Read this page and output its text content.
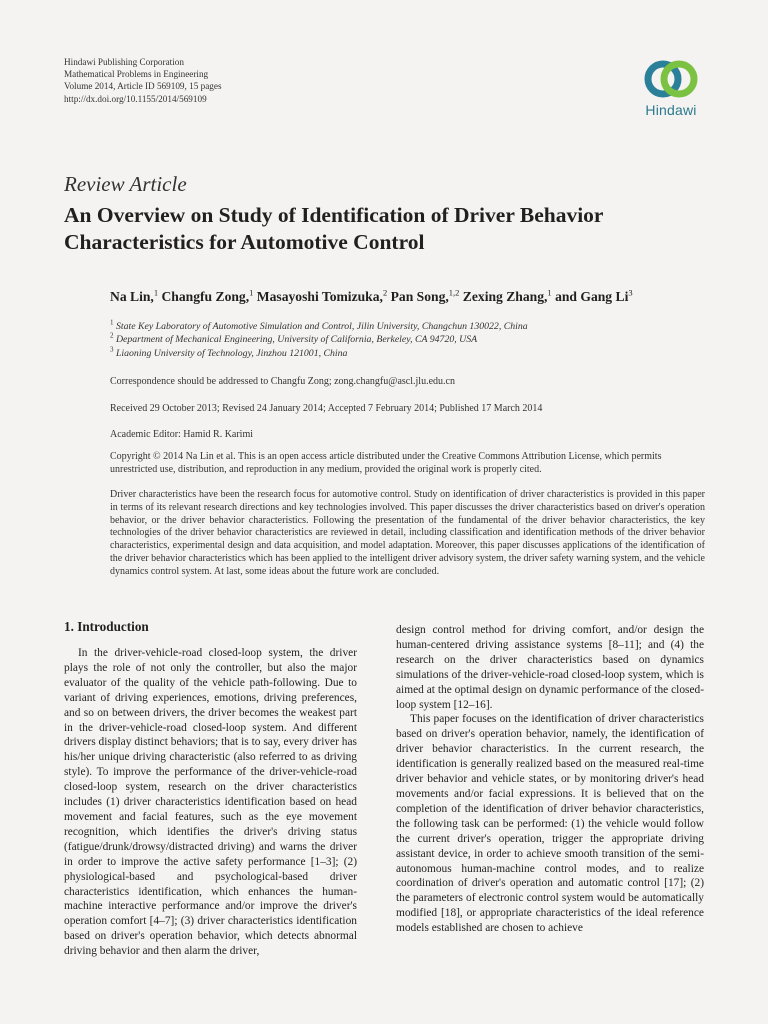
Hindawi Publishing Corporation
Mathematical Problems in Engineering
Volume 2014, Article ID 569109, 15 pages
http://dx.doi.org/10.1155/2014/569109
Hindawi
Review Article
An Overview on Study of Identification of Driver Behavior
Characteristics for Automotive Control
Na Lin,$^1$ Changfu Zong,$^1$ Masayoshi Tomizuka,$^2$ Pan Song,$^{1,2}$ Zexing Zhang,$^1$ and Gang Li$^3$
$^1$ State Key Laboratory of Automotive Simulation and Control, Jilin University, Changchun 130022, China
$^2$ Department of Mechanical Engineering, University of California, Berkeley, CA 94720, USA
$^3$ Liaoning University of Technology, Jinzhou 121001, China
Correspondence should be addressed to Changfu Zong; zong.changfu@ascl.jlu.edu.cn
Received 29 October 2013; Revised 24 January 2014; Accepted 7 February 2014; Published 17 March 2014
Academic Editor: Hamid R. Karimi
Copyright © 2014 Na Lin et al. This is an open access article distributed under the Creative Commons Attribution License, which permits unrestricted use, distribution, and reproduction in any medium, provided the original work is properly cited.
Driver characteristics have been the research focus for automotive control. Study on identification of driver characteristics is provided in this paper in terms of its relevant research directions and key technologies involved. This paper discusses the driver characteristics based on driver's operation behavior, or the driver behavior characteristics. Following the presentation of the fundamental of the driver behavior characteristics, the key technologies of the driver behavior characteristics are reviewed in detail, including classification and identification methods of the driver behavior characteristics, experimental design and data acquisition, and model adaptation. Moreover, this paper discusses applications of the identification of the driver behavior characteristics which has been applied to the intelligent driver advisory system, the driver safety warning system, and the vehicle dynamics control system. At last, some ideas about the future work are concluded.
1. Introduction

In the driver-vehicle-road closed-loop system, the driver plays the role of not only the controller, but also the major evaluator of the quality of the vehicle path-following. Due to variant of driving experiences, emotions, driving preferences, and so on between drivers, the driver becomes the weakest part in the driver-vehicle-road closed-loop system. And different drivers display distinct behaviors; that is to say, every driver has his/her unique driving characteristic (also referred to as driving style). To improve the performance of the driver-vehicle-road closed-loop system, research on the driver characteristics includes (1) driver characteristics identification based on head movement and facial features, such as the eye movement recognition, which identifies the driver's driving status (fatigue/drunk/drowsy/distracted driving) and warns the driver in order to improve the active safety performance [1–3]; (2) physiological-based and psychological-based driver characteristics identification, which enhances the human-machine interactive performance and/or improve the driver's operation comfort [4–7]; (3) driver characteristics identification based on driver's operation behavior, which detects abnormal driving behavior and then alarm the driver,

design control method for driving comfort, and/or design the human-centered driving assistance systems [8–11]; and (4) the research on the driver characteristics based on dynamics simulations of the driver-vehicle-road closed-loop system, which is aimed at the optimal design on dynamic performance of the closed-loop system [12–16].

This paper focuses on the identification of driver characteristics based on driver's operation behavior, namely, the identification of driver behavior characteristics. In the current research, the identification is generally realized based on the measured real-time driver behavior and vehicle states, or by monitoring driver's head movements and/or facial expressions. It is believed that on the completion of the identification of driver behavior characteristics, the following task can be performed: (1) the vehicle would follow the current driver's operation, trigger the appropriate driving assistant device, in order to achieve smooth transition of the semi-autonomous human-machine control modes, and to realize coordination of driver's operation and automatic control [17]; (2) the parameters of electronic control system would be automatically modified [18], or appropriate characteristics of the ideal reference models established are chosen to achieve
